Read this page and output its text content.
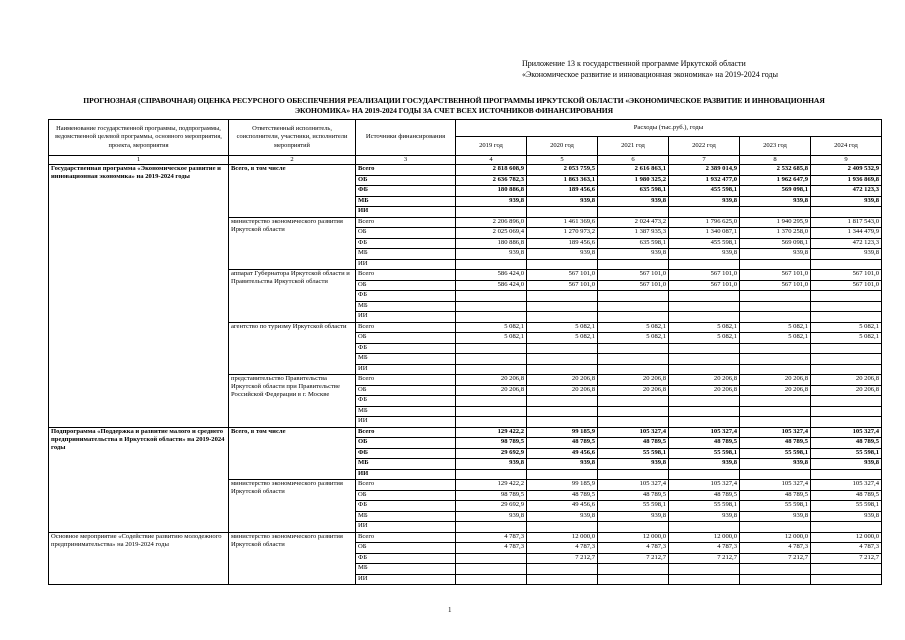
Приложение 13 к государственной программе Иркутской области
«Экономическое развитие и инновационная экономика» на 2019-2024 годы
ПРОГНОЗНАЯ (СПРАВОЧНАЯ) ОЦЕНКА РЕСУРСНОГО ОБЕСПЕЧЕНИЯ РЕАЛИЗАЦИИ ГОСУДАРСТВЕННОЙ ПРОГРАММЫ ИРКУТСКОЙ ОБЛАСТИ «ЭКОНОМИЧЕСКОЕ РАЗВИТИЕ И ИННОВАЦИОННАЯ
ЭКОНОМИКА» НА 2019-2024 ГОДЫ ЗА СЧЕТ ВСЕХ ИСТОЧНИКОВ ФИНАНСИРОВАНИЯ
Наименование государственной программы, подпрограммы, ведомственной целевой программы, основного мероприятия, проекта, мероприятия	Ответственный исполнитель, соисполнители, участники, исполнители мероприятий	Источники финансирования	Расходы (тыс.руб.), годы					
			2019 год	2020 год	2021 год	2022 год	2023 год	2024 год
1	2	3	4	5	6	7	8	9
Государственная программа «Экономическое развитие и инновационная экономика» на 2019-2024 годы	Всего, в том числе	Всего	2 818 608,9	2 053 759,5	2 616 863,1	2 389 014,9	2 532 685,8	2 409 532,9
		ОБ	2 636 782,3	1 863 363,1	1 980 325,2	1 932 477,0	1 962 647,9	1 936 869,8
		ФБ	180 886,8	189 456,6	635 598,1	455 598,1	569 098,1	472 123,3
		МБ	939,8	939,8	939,8	939,8	939,8	939,8
		ИИ						
	министерство экономического развития Иркутской области	Всего	2 206 896,0	1 461 369,6	2 024 473,2	1 796 625,0	1 940 295,9	1 817 543,0
		ОБ	2 025 069,4	1 270 973,2	1 387 935,3	1 340 087,1	1 370 258,0	1 344 479,9
		ФБ	180 886,8	189 456,6	635 598,1	455 598,1	569 098,1	472 123,3
		МБ	939,8	939,8	939,8	939,8	939,8	939,8
		ИИ						
	аппарат Губернатора Иркутской области и Правительства Иркутской области	Всего	586 424,0	567 101,0	567 101,0	567 101,0	567 101,0	567 101,0
		ОБ	586 424,0	567 101,0	567 101,0	567 101,0	567 101,0	567 101,0
		ФБ						
		МБ						
		ИИ						
	агентство по туризму Иркутской области	Всего	5 082,1	5 082,1	5 082,1	5 082,1	5 082,1	5 082,1
		ОБ	5 082,1	5 082,1	5 082,1	5 082,1	5 082,1	5 082,1
		ФБ						
		МБ						
		ИИ						
	представительство Правительства Иркутской области при Правительстве Российской Федерации в г. Москве	Всего	20 206,8	20 206,8	20 206,8	20 206,8	20 206,8	20 206,8
		ОБ	20 206,8	20 206,8	20 206,8	20 206,8	20 206,8	20 206,8
		ФБ						
		МБ						
		ИИ						
Подпрограмма «Поддержка и развитие малого и среднего предпринимательства в Иркутской области» на 2019-2024 годы	Всего, в том числе	Всего	129 422,2	99 185,9	105 327,4	105 327,4	105 327,4	105 327,4
		ОБ	98 789,5	48 789,5	48 789,5	48 789,5	48 789,5	48 789,5
		ФБ	29 692,9	49 456,6	55 598,1	55 598,1	55 598,1	55 598,1
		МБ	939,8	939,8	939,8	939,8	939,8	939,8
		ИИ						
	министерство экономического развития Иркутской области	Всего	129 422,2	99 185,9	105 327,4	105 327,4	105 327,4	105 327,4
		ОБ	98 789,5	48 789,5	48 789,5	48 789,5	48 789,5	48 789,5
		ФБ	29 692,9	49 456,6	55 598,1	55 598,1	55 598,1	55 598,1
		МБ	939,8	939,8	939,8	939,8	939,8	939,8
		ИИ						
Основное мероприятие «Содействие развитию молодежного предпринимательства» на 2019-2024 годы	министерство экономического развития Иркутской области	Всего	4 787,3	12 000,0	12 000,0	12 000,0	12 000,0	12 000,0
		ОБ	4 787,3	4 787,3	4 787,3	4 787,3	4 787,3	4 787,3
		ФБ		7 212,7	7 212,7	7 212,7	7 212,7	7 212,7
		МБ						
		ИИ						
1
